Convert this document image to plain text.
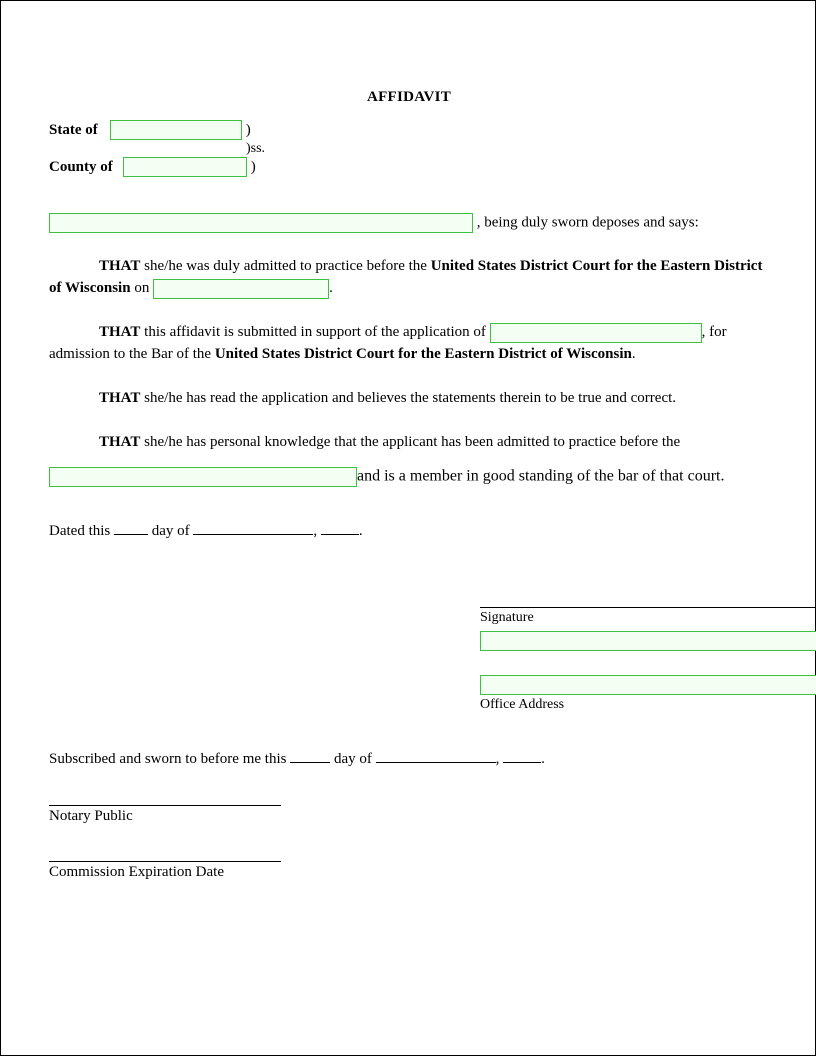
AFFIDAVIT
State of	)
)ss.
County of	)
, being duly sworn deposes and says:
THAT she/he was duly admitted to practice before the United States District Court for the Eastern District of Wisconsin on	.
THAT this affidavit is submitted in support of the application of	, for admission to the Bar of the United States District Court for the Eastern District of Wisconsin.
THAT she/he has read the application and believes the statements therein to be true and correct.
THAT she/he has personal knowledge that the applicant has been admitted to practice before the
and is a member in good standing of the bar of that court.
Dated this	day of	,	.
Signature

Office Address
Subscribed and sworn to before me this	day of	,	.
Notary Public
Commission Expiration Date
